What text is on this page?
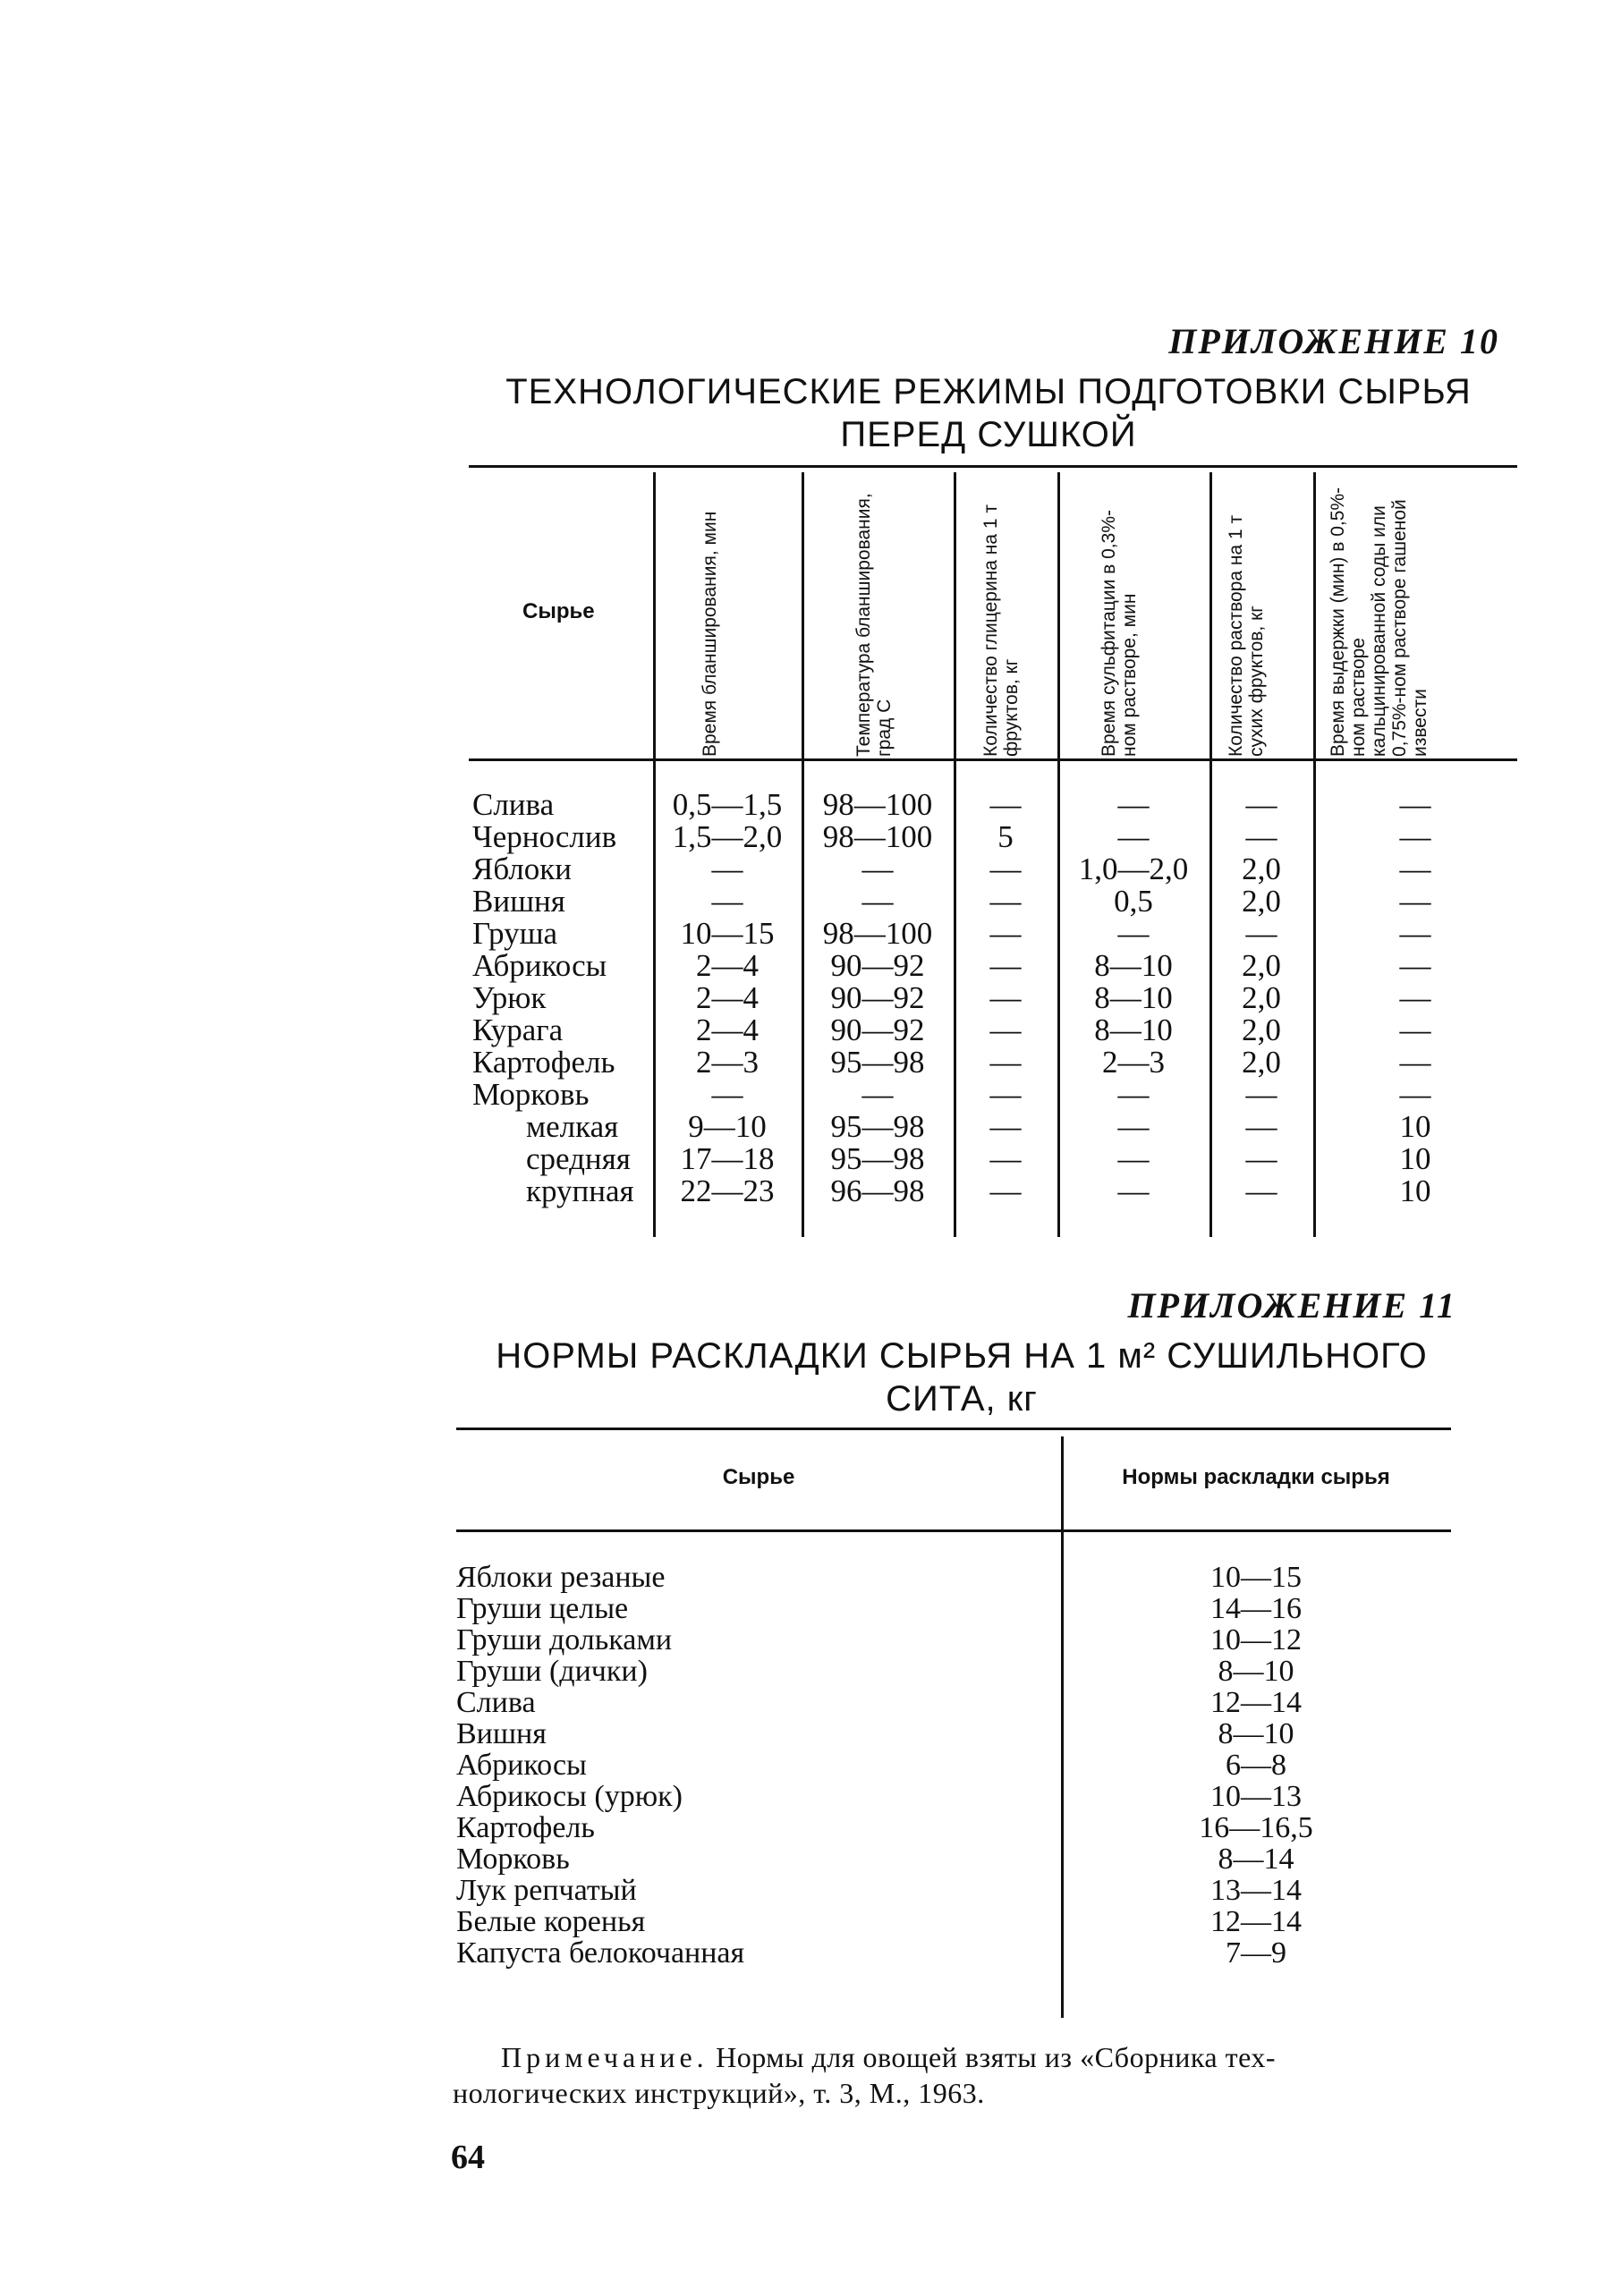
ПРИЛОЖЕНИЕ 10
ТЕХНОЛОГИЧЕСКИЕ РЕЖИМЫ ПОДГОТОВКИ СЫРЬЯ
ПЕРЕД СУШКОЙ
Сырье	Время бланширования, мин	Температура бланширования, град С	Количество глицерина на 1 т фруктов, кг	Время сульфитации в 0,3%-ном растворе, мин	Количество раствора на 1 т сухих фруктов, кг	Время выдержки (мин) в 0,5%-ном растворе кальцинированной соды или 0,75%-ном растворе гашеной извести
Слива	0,5—1,5	98—100	—	—	—	—
Чернослив	1,5—2,0	98—100	5	—	—	—
Яблоки	—	—	—	1,0—2,0	2,0	—
Вишня	—	—	—	0,5	2,0	—
Груша	10—15	98—100	—	—	—	—
Абрикосы	2—4	90—92	—	8—10	2,0	—
Урюк	2—4	90—92	—	8—10	2,0	—
Курага	2—4	90—92	—	8—10	2,0	—
Картофель	2—3	95—98	—	2—3	2,0	—
Морковь	—	—	—	—	—	—
мелкая	9—10	95—98	—	—	—	10
средняя	17—18	95—98	—	—	—	10
крупная	22—23	96—98	—	—	—	10
ПРИЛОЖЕНИЕ 11
НОРМЫ РАСКЛАДКИ СЫРЬЯ НА 1 м² СУШИЛЬНОГО
СИТА, кг
Сырье	Нормы раскладки сырья
Яблоки резаные	10—15
Груши целые	14—16
Груши дольками	10—12
Груши (дички)	8—10
Слива	12—14
Вишня	8—10
Абрикосы	6—8
Абрикосы (урюк)	10—13
Картофель	16—16,5
Морковь	8—14
Лук репчатый	13—14
Белые коренья	12—14
Капуста белокочанная	7—9
Примечание. Нормы для овощей взяты из «Сборника тех-
нологических инструкций», т. 3, М., 1963.
64
